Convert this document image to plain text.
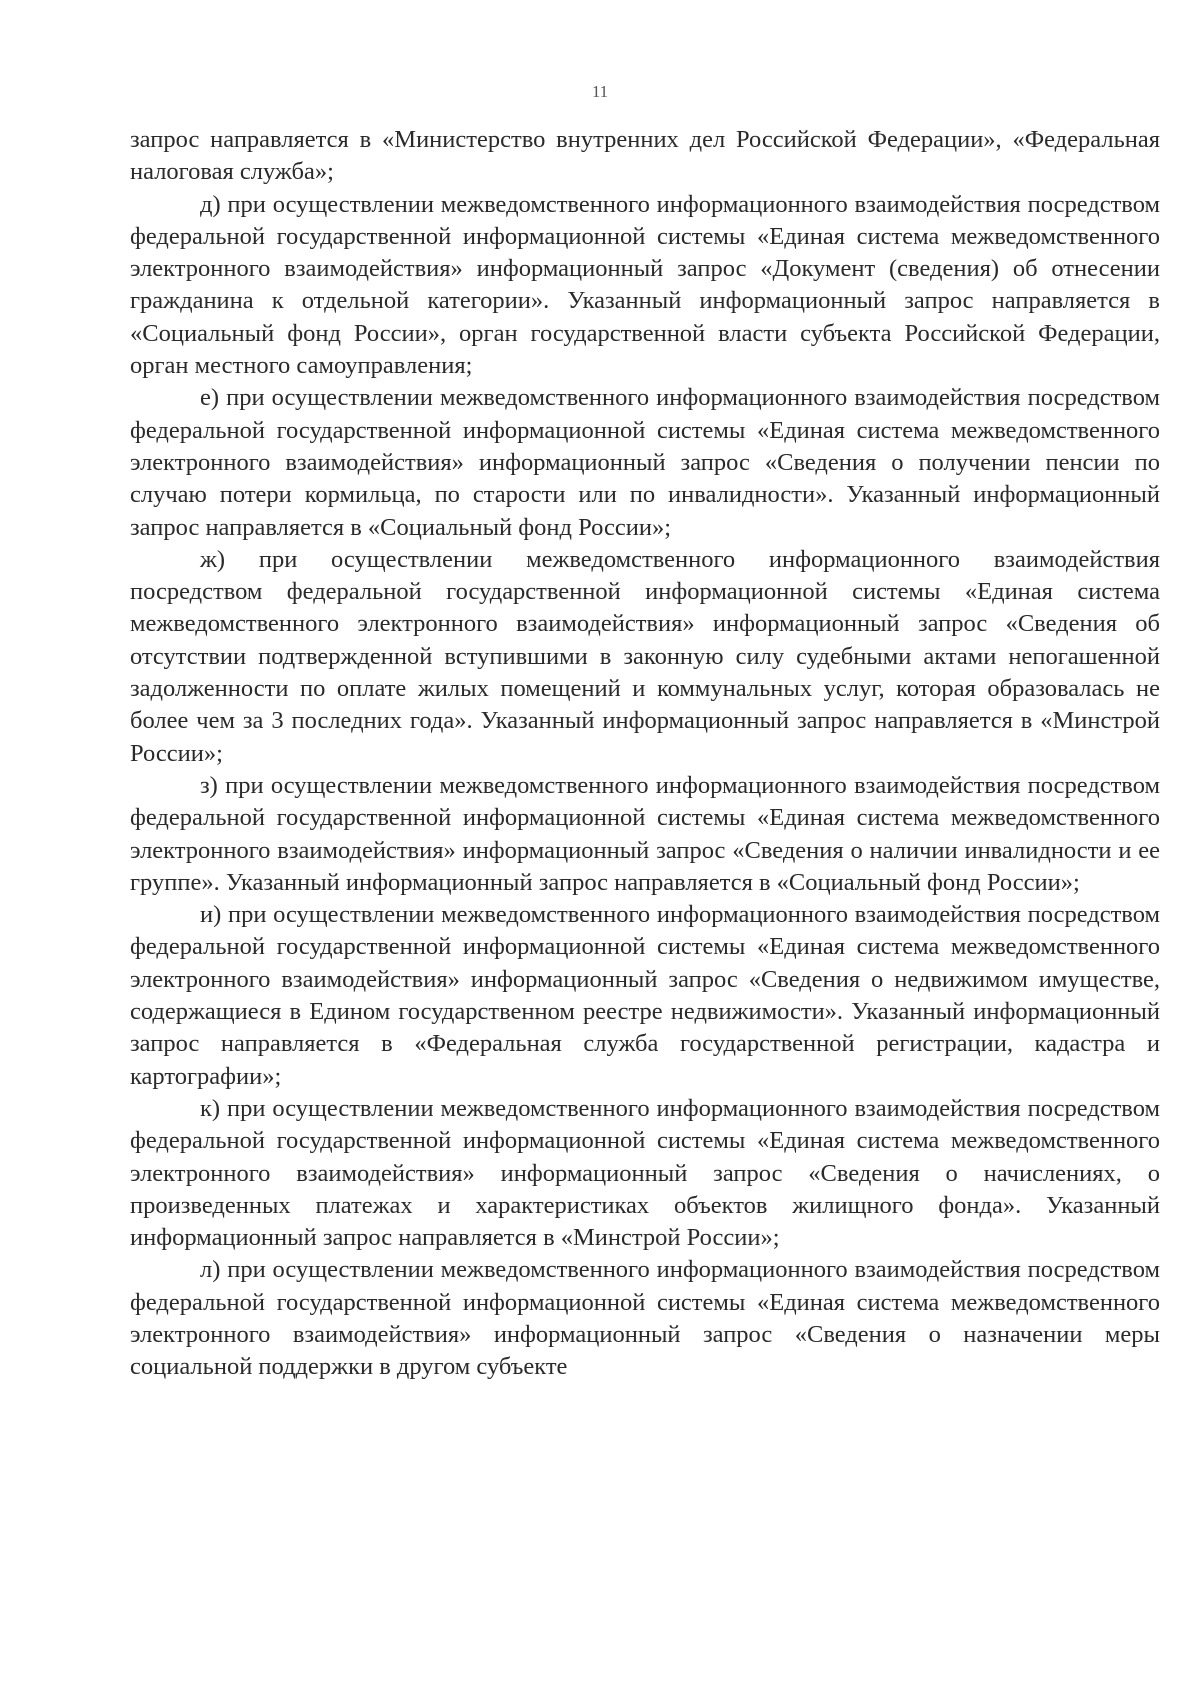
11

запрос направляется в «Министерство внутренних дел Российской Федерации», «Федеральная налоговая служба»;

д) при осуществлении межведомственного информационного взаимодействия посредством федеральной государственной информационной системы «Единая система межведомственного электронного взаимодействия» информационный запрос «Документ (сведения) об отнесении гражданина к отдельной категории». Указанный информационный запрос направляется в «Социальный фонд России», орган государственной власти субъекта Российской Федерации, орган местного самоуправления;

е) при осуществлении межведомственного информационного взаимодействия посредством федеральной государственной информационной системы «Единая система межведомственного электронного взаимодействия» информационный запрос «Сведения о получении пенсии по случаю потери кормильца, по старости или по инвалидности». Указанный информационный запрос направляется в «Социальный фонд России»;

ж) при осуществлении межведомственного информационного взаимодействия посредством федеральной государственной информационной системы «Единая система межведомственного электронного взаимодействия» информационный запрос «Сведения об отсутствии подтвержденной вступившими в законную силу судебными актами непогашенной задолженности по оплате жилых помещений и коммунальных услуг, которая образовалась не более чем за 3 последних года». Указанный информационный запрос направляется в «Минстрой России»;

з) при осуществлении межведомственного информационного взаимодействия посредством федеральной государственной информационной системы «Единая система межведомственного электронного взаимодействия» информационный запрос «Сведения о наличии инвалидности и ее группе». Указанный информационный запрос направляется в «Социальный фонд России»;

и) при осуществлении межведомственного информационного взаимодействия посредством федеральной государственной информационной системы «Единая система межведомственного электронного взаимодействия» информационный запрос «Сведения о недвижимом имуществе, содержащиеся в Едином государственном реестре недвижимости». Указанный информационный запрос направляется в «Федеральная служба государственной регистрации, кадастра и картографии»;

к) при осуществлении межведомственного информационного взаимодействия посредством федеральной государственной информационной системы «Единая система межведомственного электронного взаимодействия» информационный запрос «Сведения о начислениях, о произведенных платежах и характеристиках объектов жилищного фонда». Указанный информационный запрос направляется в «Минстрой России»;

л) при осуществлении межведомственного информационного взаимодействия посредством федеральной государственной информационной системы «Единая система межведомственного электронного взаимодействия» информационный запрос «Сведения о назначении меры социальной поддержки в другом субъекте
